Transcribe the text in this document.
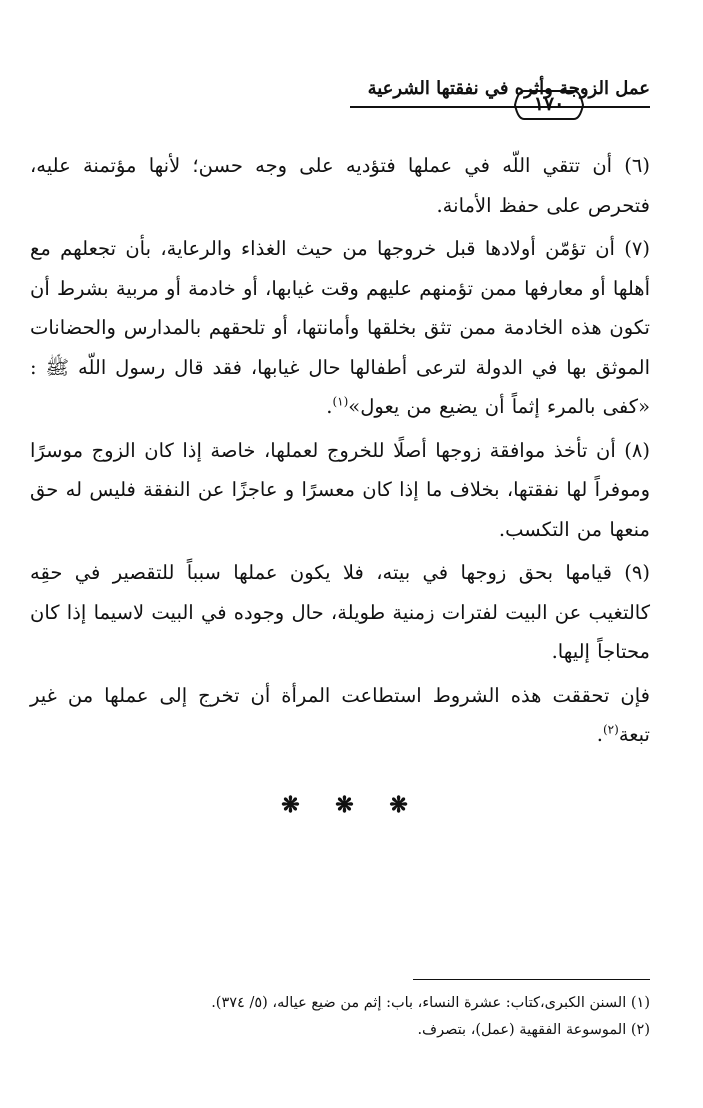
عمل الزوجة وأثره في نفقتها الشرعية
١٧٠

(٦) أن تتقي اللّه في عملها فتؤديه على وجه حسن؛ لأنها مؤتمنة عليه، فتحرص على حفظ الأمانة.

(٧) أن تؤمّن أولادها قبل خروجها من حيث الغذاء والرعاية، بأن تجعلهم مع أهلها أو معارفها ممن تؤمنهم عليهم وقت غيابها، أو خادمة أو مربية بشرط أن تكون هذه الخادمة ممن تثق بخلقها وأمانتها، أو تلحقهم بالمدارس والحضانات الموثق بها في الدولة لترعى أطفالها حال غيابها، فقد قال رسول اللّه ﷺ : «كفى بالمرء إثماً أن يضيع من يعول»$^{(١)}$.

(٨) أن تأخذ موافقة زوجها أصلًا للخروج لعملها، خاصة إذا كان الزوج موسرًا وموفراً لها نفقتها، بخلاف ما إذا كان معسرًا و عاجزًا عن النفقة فليس له حق منعها من التكسب.

(٩) قيامها بحق زوجها في بيته، فلا يكون عملها سبباً للتقصير في حقِه كالتغيب عن البيت لفترات زمنية طويلة، حال وجوده في البيت لاسيما إذا كان محتاجاً إليها.

فإن تحققت هذه الشروط استطاعت المرأة أن تخرج إلى عملها من غير تبعة$^{(٢)}$.

❋ ❋ ❋

(١) السنن الكبرى،كتاب: عشرة النساء، باب: إثم من ضيع عياله، (٥/ ٣٧٤).

(٢) الموسوعة الفقهية (عمل)، بتصرف.
